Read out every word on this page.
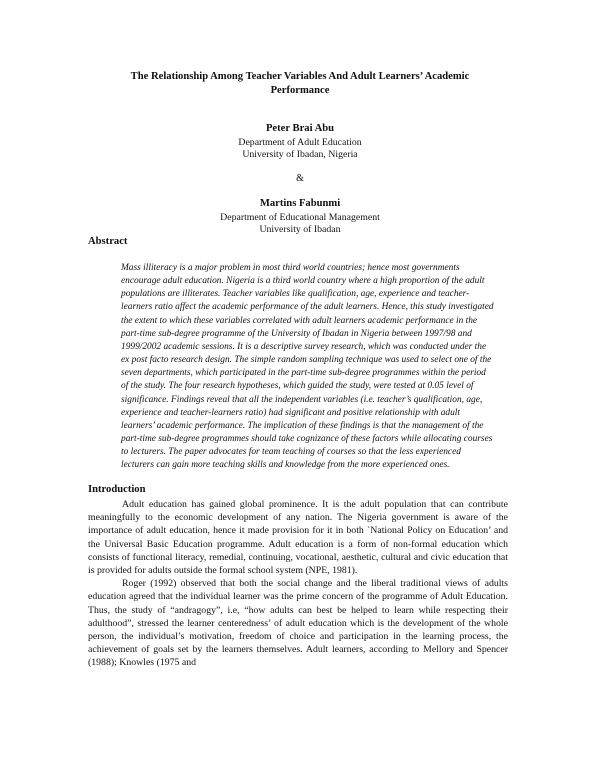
The Relationship Among Teacher Variables And Adult Learners’ Academic Performance
Peter Brai Abu
Department of Adult Education
University of Ibadan, Nigeria
&
Martins Fabunmi
Department of Educational Management
University of Ibadan
Abstract
Mass illiteracy is a major problem in most third world countries; hence most governments encourage adult education. Nigeria is a third world country where a high proportion of the adult populations are illiterates. Teacher variables like qualification, age, experience and teacher-learners ratio affect the academic performance of the adult learners. Hence, this study investigated the extent to which these variables correlated with adult learners academic performance in the part-time sub-degree programme of the University of Ibadan in Nigeria between 1997/98 and 1999/2002 academic sessions. It is a descriptive survey research, which was conducted under the ex post facto research design. The simple random sampling technique was used to select one of the seven departments, which participated in the part-time sub-degree programmes within the period of the study. The four research hypotheses, which guided the study, were tested at 0.05 level of significance. Findings reveal that all the independent variables (i.e. teacher’s qualification, age, experience and teacher-learners ratio) had significant and positive relationship with adult learners’ academic performance. The implication of these findings is that the management of the part-time sub-degree programmes should take cognizance of these factors while allocating courses to lecturers. The paper advocates for team teaching of courses so that the less experienced lecturers can gain more teaching skills and knowledge from the more experienced ones.
Introduction

Adult education has gained global prominence. It is the adult population that can contribute meaningfully to the economic development of any nation. The Nigeria government is aware of the importance of adult education, hence it made provision for it in both `National Policy on Education’ and the Universal Basic Education programme. Adult education is a form of non-formal education which consists of functional literacy, remedial, continuing, vocational, aesthetic, cultural and civic education that is provided for adults outside the formal school system (NPE, 1981).

Roger (1992) observed that both the social change and the liberal traditional views of adults education agreed that the individual learner was the prime concern of the programme of Adult Education. Thus, the study of “andragogy”, i.e, “how adults can best be helped to learn while respecting their adulthood”, stressed the learner centeredness’ of adult education which is the development of the whole person, the individual’s motivation, freedom of choice and participation in the learning process, the achievement of goals set by the learners themselves. Adult learners, according to Mellory and Spencer (1988); Knowles (1975 and
